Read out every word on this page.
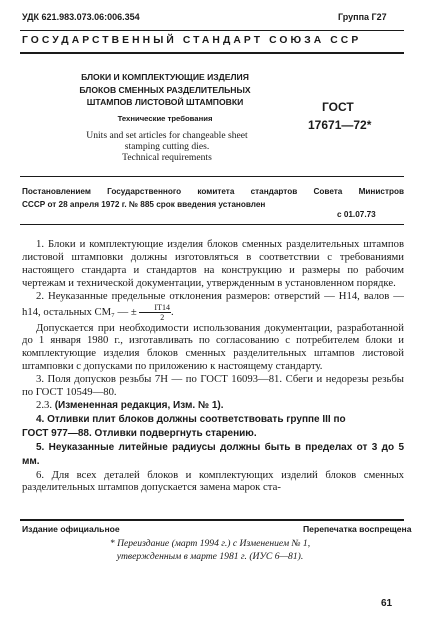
УДК 621.983.073.06:006.354	Группа Г27
ГОСУДАРСТВЕННЫЙ СТАНДАРТ СОЮЗА ССР
БЛОКИ И КОМПЛЕКТУЮЩИЕ ИЗДЕЛИЯ
БЛОКОВ СМЕННЫХ РАЗДЕЛИТЕЛЬНЫХ
ШТАМПОВ ЛИСТОВОЙ ШТАМПОВКИ
Технические требования
Units and set articles for changeable sheet
stamping cutting dies.
Technical requirements
ГОСТ
17671—72*
Постановлением Государственного комитета стандартов Совета Министров
СССР от 28 апреля 1972 г. № 885 срок введения установлен
с 01.07.73

1. Блоки и комплектующие изделия блоков сменных разделительных штампов листовой штамповки должны изготовляться в соответствии с требованиями настоящего стандарта и стандартов на конструкцию и размеры по рабочим чертежам и технической документации, утвержденным в установленном порядке.

2. Неуказанные предельные отклонения размеров: отверстий — H14, валов — h14, остальных CM₇ — ± $\frac{IT14}{2}$ .

Допускается при необходимости использования документации, разработанной до 1 января 1980 г., изготавливать по согласованию с потребителем блоки и комплектующие изделия блоков сменных разделительных штампов листовой штамповки с допусками по приложению к настоящему стандарту.

3. Поля допусков резьбы 7H — по ГОСТ 16093—81. Сбеги и недорезы резьбы по ГОСТ 10549—80.

2.3. (Измененная редакция, Изм. № 1).

4. Отливки плит блоков должны соответствовать группе III по

ГОСТ 977—88. Отливки подвергнуть старению.

5. Неуказанные литейные радиусы должны быть в пределах от 3 до 5 мм.

6. Для всех деталей блоков и комплектующих изделий блоков сменных разделительных штампов допускается замена марок ста-

Издание официальное	Перепечатка воспрещена
* Переиздание (март 1994 г.) с Изменением № 1,
утвержденным в марте 1981 г. (ИУС 6—81).
61
